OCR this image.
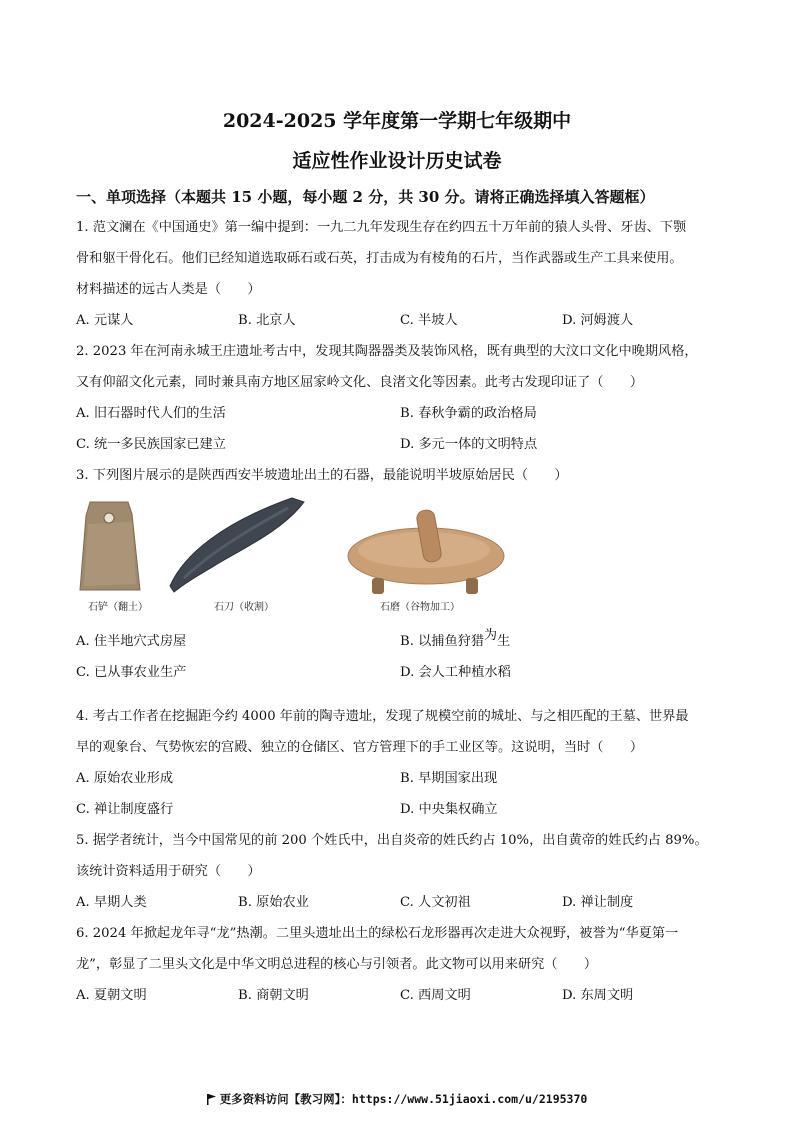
2024-2025 学年度第一学期七年级期中
适应性作业设计历史试卷
一、单项选择（本题共 15 小题，每小题 2 分，共 30 分。请将正确选择填入答题框）
1. 范文澜在《中国通史》第一编中提到：一九二九年发现生存在约四五十万年前的猿人头骨、牙齿、下颚
骨和躯干骨化石。他们已经知道选取砾石或石英，打击成为有棱角的石片，当作武器或生产工具来使用。
材料描述的远古人类是（　　）
A. 元谋人	B. 北京人	C. 半坡人	D. 河姆渡人
2. 2023 年在河南永城王庄遗址考古中，发现其陶器器类及装饰风格，既有典型的大汶口文化中晚期风格，
又有仰韶文化元素，同时兼具南方地区屈家岭文化、良渚文化等因素。此考古发现印证了（　　）
A. 旧石器时代人们的生活	B. 春秋争霸的政治格局
C. 统一多民族国家已建立	D. 多元一体的文明特点
3. 下列图片展示的是陕西西安半坡遗址出土的石器，最能说明半坡原始居民（　　）
石铲（翻土）	石刀（收割）	石磨（谷物加工）
A. 住半地穴式房屋	B. 以捕鱼狩猎为生
C. 已从事农业生产	D. 会人工种植水稻
4. 考古工作者在挖掘距今约 4000 年前的陶寺遗址，发现了规模空前的城址、与之相匹配的王墓、世界最
早的观象台、气势恢宏的宫殿、独立的仓储区、官方管理下的手工业区等。这说明，当时（　　）
A. 原始农业形成	B. 早期国家出现
C. 禅让制度盛行	D. 中央集权确立
5. 据学者统计，当今中国常见的前 200 个姓氏中，出自炎帝的姓氏约占 10%，出自黄帝的姓氏约占 89%。
该统计资料适用于研究（　　）
A. 早期人类	B. 原始农业	C. 人文初祖	D. 禅让制度
6. 2024 年掀起龙年寻“龙”热潮。二里头遗址出土的绿松石龙形器再次走进大众视野，被誉为“华夏第一
龙”，彰显了二里头文化是中华文明总进程的核心与引领者。此文物可以用来研究（　　）
A. 夏朝文明	B. 商朝文明	C. 西周文明	D. 东周文明
更多资料访问【教习网】：https://www.51jiaoxi.com/u/2195370
